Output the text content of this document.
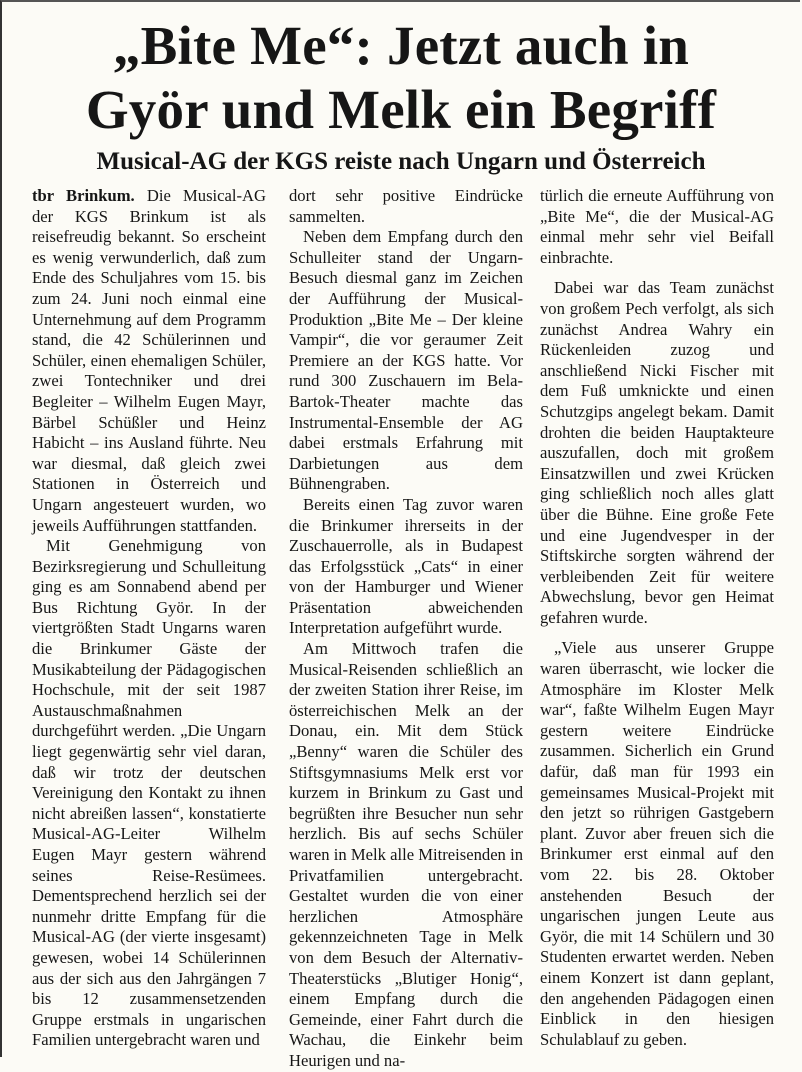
„Bite Me“: Jetzt auch in
Györ und Melk ein Begriff
Musical-AG der KGS reiste nach Ungarn und Österreich

tbr Brinkum. Die Musical-AG der KGS Brinkum ist als reisefreudig bekannt. So erscheint es wenig verwunderlich, daß zum Ende des Schuljahres vom 15. bis zum 24. Juni noch einmal eine Unternehmung auf dem Programm stand, die 42 Schülerinnen und Schüler, einen ehemaligen Schüler, zwei Tontechniker und drei Begleiter – Wilhelm Eugen Mayr, Bärbel Schüßler und Heinz Habicht – ins Ausland führte. Neu war diesmal, daß gleich zwei Stationen in Österreich und Ungarn angesteuert wurden, wo jeweils Aufführungen stattfanden.

Mit Genehmigung von Bezirksregierung und Schulleitung ging es am Sonnabend abend per Bus Richtung Györ. In der viertgrößten Stadt Ungarns waren die Brinkumer Gäste der Musikabteilung der Pädagogischen Hochschule, mit der seit 1987 Austauschmaßnahmen durchgeführt werden. „Die Ungarn liegt gegenwärtig sehr viel daran, daß wir trotz der deutschen Vereinigung den Kontakt zu ihnen nicht abreißen lassen“, konstatierte Musical-AG-Leiter Wilhelm Eugen Mayr gestern während seines Reise-Resümees. Dementsprechend herzlich sei der nunmehr dritte Empfang für die Musical-AG (der vierte insgesamt) gewesen, wobei 14 Schülerinnen aus der sich aus den Jahrgängen 7 bis 12 zusammensetzenden Gruppe erstmals in ungarischen Familien untergebracht waren und

dort sehr positive Eindrücke sammelten.

Neben dem Empfang durch den Schulleiter stand der Ungarn-Besuch diesmal ganz im Zeichen der Aufführung der Musical-Produktion „Bite Me – Der kleine Vampir“, die vor geraumer Zeit Premiere an der KGS hatte. Vor rund 300 Zuschauern im Bela-Bartok-Theater machte das Instrumental-Ensemble der AG dabei erstmals Erfahrung mit Darbietungen aus dem Bühnengraben.

Bereits einen Tag zuvor waren die Brinkumer ihrerseits in der Zuschauerrolle, als in Budapest das Erfolgsstück „Cats“ in einer von der Hamburger und Wiener Präsentation abweichenden Interpretation aufgeführt wurde.

Am Mittwoch trafen die Musical-Reisenden schließlich an der zweiten Station ihrer Reise, im österreichischen Melk an der Donau, ein. Mit dem Stück „Benny“ waren die Schüler des Stiftsgymnasiums Melk erst vor kurzem in Brinkum zu Gast und begrüßten ihre Besucher nun sehr herzlich. Bis auf sechs Schüler waren in Melk alle Mitreisenden in Privatfamilien untergebracht. Gestaltet wurden die von einer herzlichen Atmosphäre gekennzeichneten Tage in Melk von dem Besuch der Alternativ-Theaterstücks „Blutiger Honig“, einem Empfang durch die Gemeinde, einer Fahrt durch die Wachau, die Einkehr beim Heurigen und na-

türlich die erneute Aufführung von „Bite Me“, die der Musical-AG einmal mehr sehr viel Beifall einbrachte.

Dabei war das Team zunächst von großem Pech verfolgt, als sich zunächst Andrea Wahry ein Rückenleiden zuzog und anschließend Nicki Fischer mit dem Fuß umknickte und einen Schutzgips angelegt bekam. Damit drohten die beiden Hauptakteure auszufallen, doch mit großem Einsatzwillen und zwei Krücken ging schließlich noch alles glatt über die Bühne. Eine große Fete und eine Jugendvesper in der Stiftskirche sorgten während der verbleibenden Zeit für weitere Abwechslung, bevor gen Heimat gefahren wurde.

„Viele aus unserer Gruppe waren überrascht, wie locker die Atmosphäre im Kloster Melk war“, faßte Wilhelm Eugen Mayr gestern weitere Eindrücke zusammen. Sicherlich ein Grund dafür, daß man für 1993 ein gemeinsames Musical-Projekt mit den jetzt so rührigen Gastgebern plant. Zuvor aber freuen sich die Brinkumer erst einmal auf den vom 22. bis 28. Oktober anstehenden Besuch der ungarischen jungen Leute aus Györ, die mit 14 Schülern und 30 Studenten erwartet werden. Neben einem Konzert ist dann geplant, den angehenden Pädagogen einen Einblick in den hiesigen Schulablauf zu geben.
